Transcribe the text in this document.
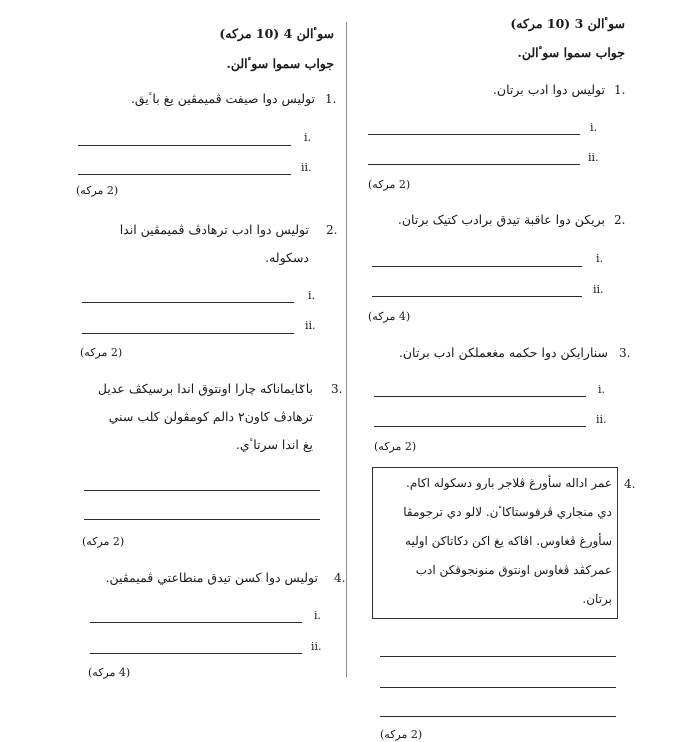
سوٴالن 3 (10 مرکه)
جواب سموا سوٴالن.
1.
توليس دوا ادب برتان.
i.
ii.
(2 مرکه)
2.
بريکن دوا عاقبة تيدق برادب کتيک برتان.
i.
ii.
(4 مرکه)
3.
سنارايکن دوا حکمه مغعملکن ادب برتان.
i.
ii.
(2 مرکه)
4.
عمر اداله سأورغ ڤلاجر بارو دسکوله اکام.
دي منجاري ڤرفوستاکاٴن. لالو دي ترجومڤا
سأورغ ڤغاوس. اڤاکه يغ اکن دکاتاکن اوليه
عمرکڤد ڤغاوس اونتوق منونجوقکن ادب
برتان.
(2 مرکه)
سوٴالن 4 (10 مرکه)
جواب سموا سوٴالن.
1.
توليس دوا صيفت ڤميمڤين يغ باٴيق.
i.
ii.
(2 مرکه)
2.
توليس دوا ادب ترهادڤ ڤميمڤين اندا
دسکوله.
i.
ii.
(2 مرکه)
3.
باݢايماناکه چارا اونتوق اندا برسيکڤ عديل
ترهادڤ کاون٢ دالم کومڤولن کلب سني
يغ اندا سرتاٴي.
(2 مرکه)
4.
توليس دوا کسن تيدق منطاعتي ڤميمڤين.
i.
ii.
(4 مرکه)
